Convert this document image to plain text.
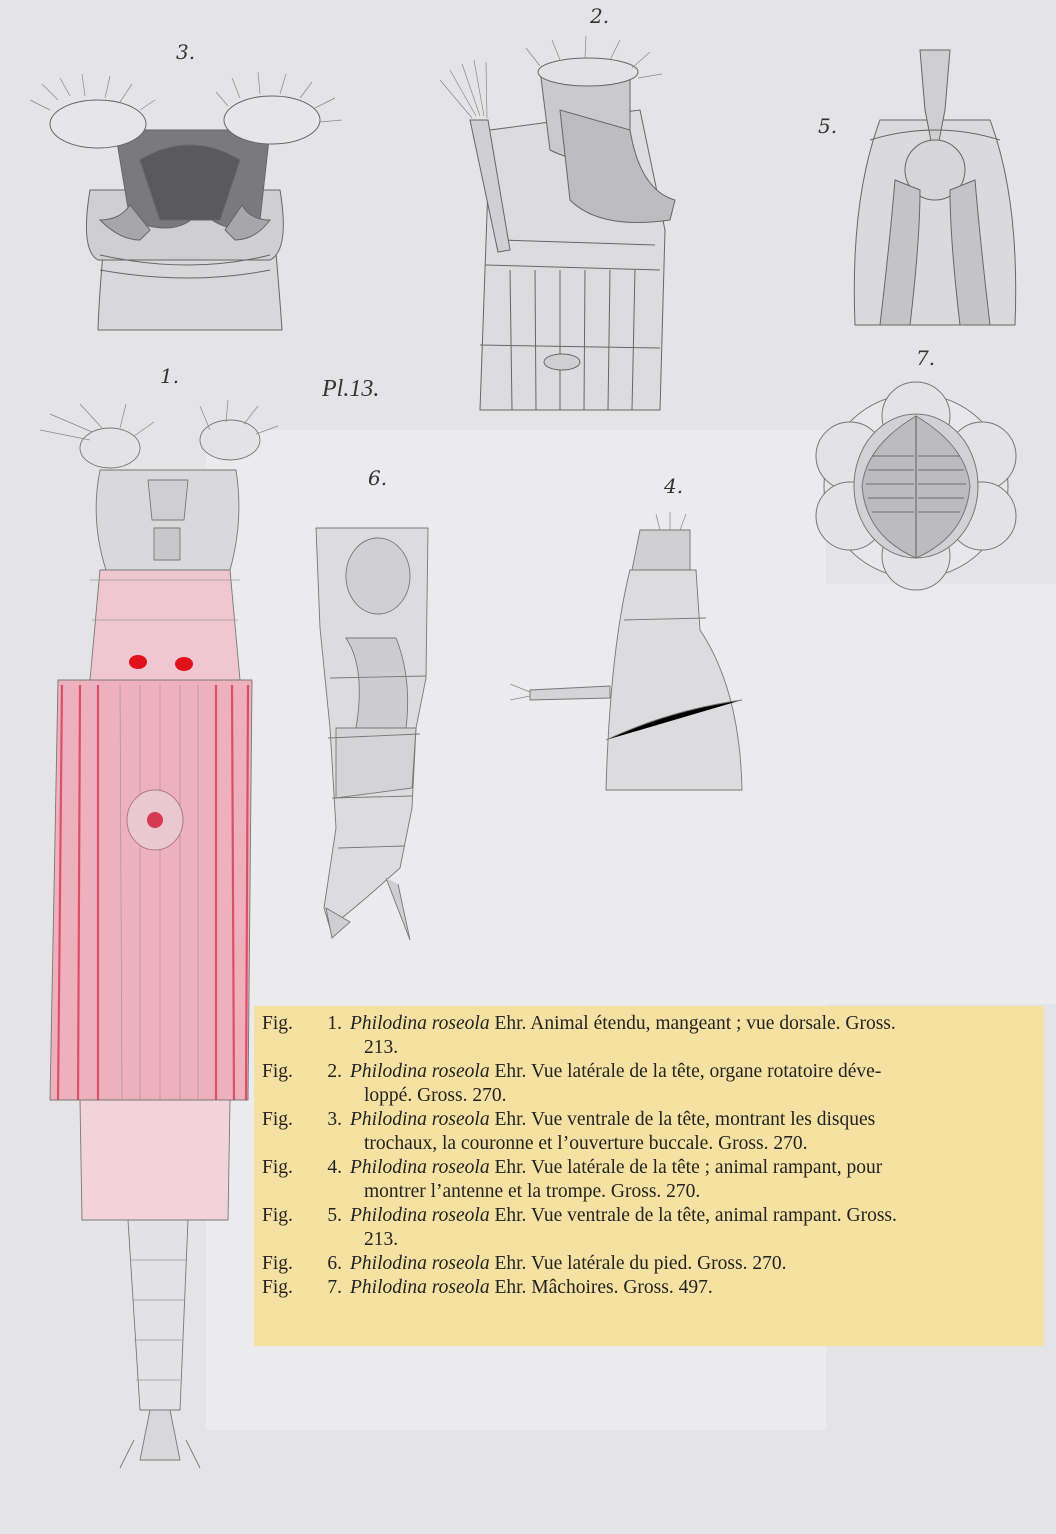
3.
2.
5.
1.
7.
6.	4.
Pl.13.
Fig.	1. Philodina roseola Ehr. Animal étendu, mangeant ; vue dorsale. Gross.
213.
Fig.	2. Philodina roseola Ehr. Vue latérale de la tête, organe rotatoire déve-
loppé. Gross. 270.
Fig.	3. Philodina roseola Ehr. Vue ventrale de la tête, montrant les disques
trochaux, la couronne et l’ouverture buccale. Gross. 270.
Fig.	4. Philodina roseola Ehr. Vue latérale de la tête ; animal rampant, pour
montrer l’antenne et la trompe. Gross. 270.
Fig.	5. Philodina roseola Ehr. Vue ventrale de la tête, animal rampant. Gross.
213.
Fig.	6. Philodina roseola Ehr. Vue latérale du pied. Gross. 270.
Fig.	7. Philodina roseola Ehr. Mâchoires. Gross. 497.
